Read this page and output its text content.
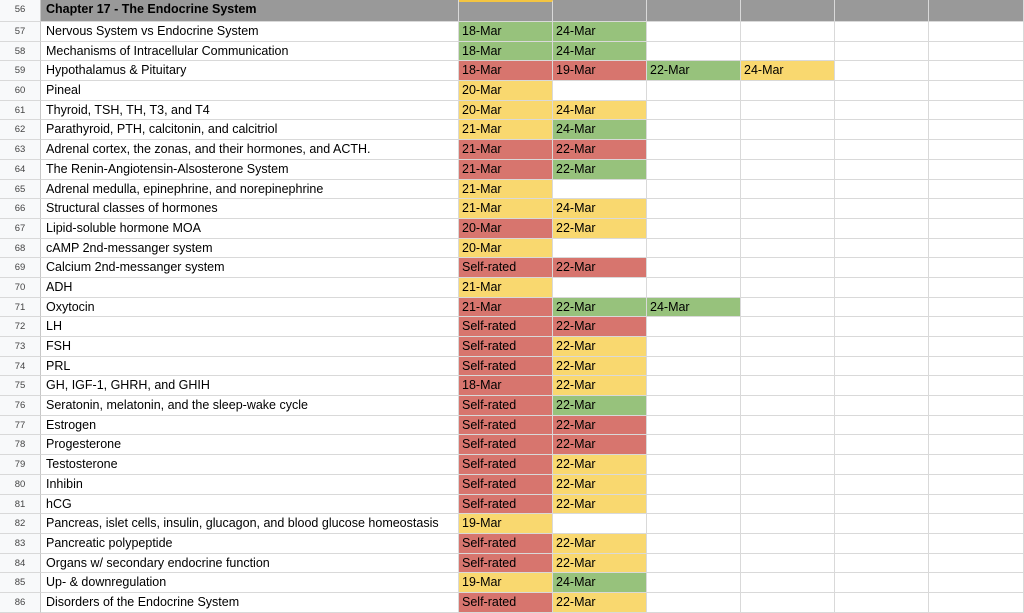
56	Chapter 17 - The Endocrine System
57	Nervous System vs Endocrine System	18-Mar	24-Mar
58	Mechanisms of Intracellular Communication	18-Mar	24-Mar
59	Hypothalamus & Pituitary	18-Mar	19-Mar	22-Mar	24-Mar
60	Pineal	20-Mar
61	Thyroid, TSH, TH, T3, and T4	20-Mar	24-Mar
62	Parathyroid, PTH, calcitonin, and calcitriol	21-Mar	24-Mar
63	Adrenal cortex, the zonas, and their hormones, and ACTH.	21-Mar	22-Mar
64	The Renin-Angiotensin-Alsosterone System	21-Mar	22-Mar
65	Adrenal medulla, epinephrine, and norepinephrine	21-Mar
66	Structural classes of hormones	21-Mar	24-Mar
67	Lipid-soluble hormone MOA	20-Mar	22-Mar
68	cAMP 2nd-messanger system	20-Mar
69	Calcium 2nd-messanger system	Self-rated	22-Mar
70	ADH	21-Mar
71	Oxytocin	21-Mar	22-Mar	24-Mar
72	LH	Self-rated	22-Mar
73	FSH	Self-rated	22-Mar
74	PRL	Self-rated	22-Mar
75	GH, IGF-1, GHRH, and GHIH	18-Mar	22-Mar
76	Seratonin, melatonin, and the sleep-wake cycle	Self-rated	22-Mar
77	Estrogen	Self-rated	22-Mar
78	Progesterone	Self-rated	22-Mar
79	Testosterone	Self-rated	22-Mar
80	Inhibin	Self-rated	22-Mar
81	hCG	Self-rated	22-Mar
82	Pancreas, islet cells, insulin, glucagon, and blood glucose homeostasis	19-Mar
83	Pancreatic polypeptide	Self-rated	22-Mar
84	Organs w/ secondary endocrine function	Self-rated	22-Mar
85	Up- & downregulation	19-Mar	24-Mar
86	Disorders of the Endocrine System	Self-rated	22-Mar
